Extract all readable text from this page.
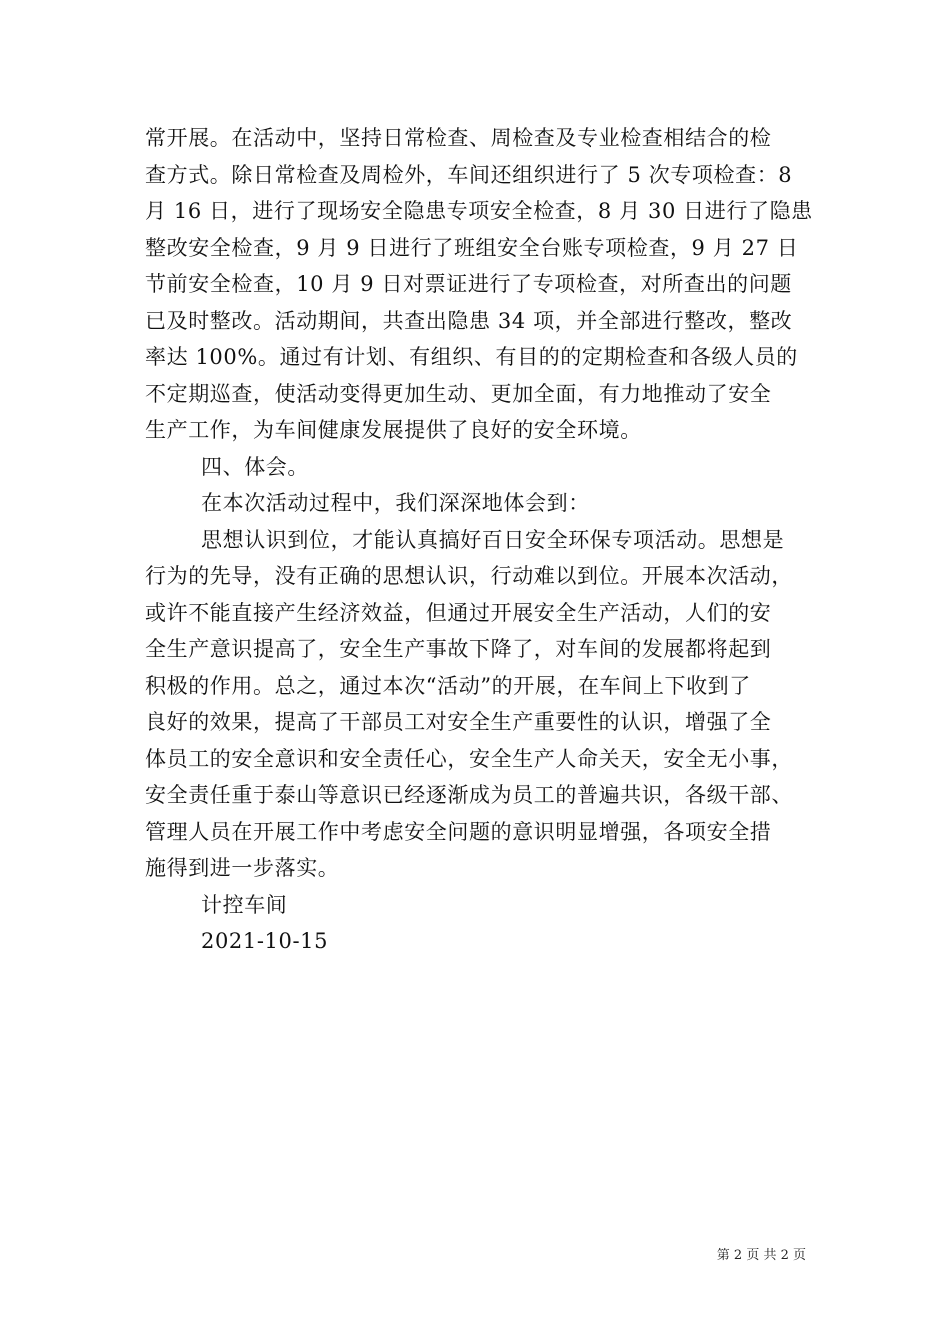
常开展。在活动中，坚持日常检查、周检查及专业检查相结合的检
查方式。除日常检查及周检外，车间还组织进行了 5 次专项检查：8
月 16 日，进行了现场安全隐患专项安全检查，8 月 30 日进行了隐患
整改安全检查，9 月 9 日进行了班组安全台账专项检查，9 月 27 日
节前安全检查，10 月 9 日对票证进行了专项检查，对所查出的问题
已及时整改。活动期间，共查出隐患 34 项，并全部进行整改，整改
率达 100%。通过有计划、有组织、有目的的定期检查和各级人员的
不定期巡查，使活动变得更加生动、更加全面，有力地推动了安全
生产工作，为车间健康发展提供了良好的安全环境。
四、体会。
在本次活动过程中，我们深深地体会到：
思想认识到位，才能认真搞好百日安全环保专项活动。思想是
行为的先导，没有正确的思想认识，行动难以到位。开展本次活动，
或许不能直接产生经济效益，但通过开展安全生产活动，人们的安
全生产意识提高了，安全生产事故下降了，对车间的发展都将起到
积极的作用。总之，通过本次“活动”的开展，在车间上下收到了
良好的效果，提高了干部员工对安全生产重要性的认识，增强了全
体员工的安全意识和安全责任心，安全生产人命关天，安全无小事，
安全责任重于泰山等意识已经逐渐成为员工的普遍共识，各级干部、
管理人员在开展工作中考虑安全问题的意识明显增强，各项安全措
施得到进一步落实。
计控车间
2021-10-15
第 2 页 共 2 页
